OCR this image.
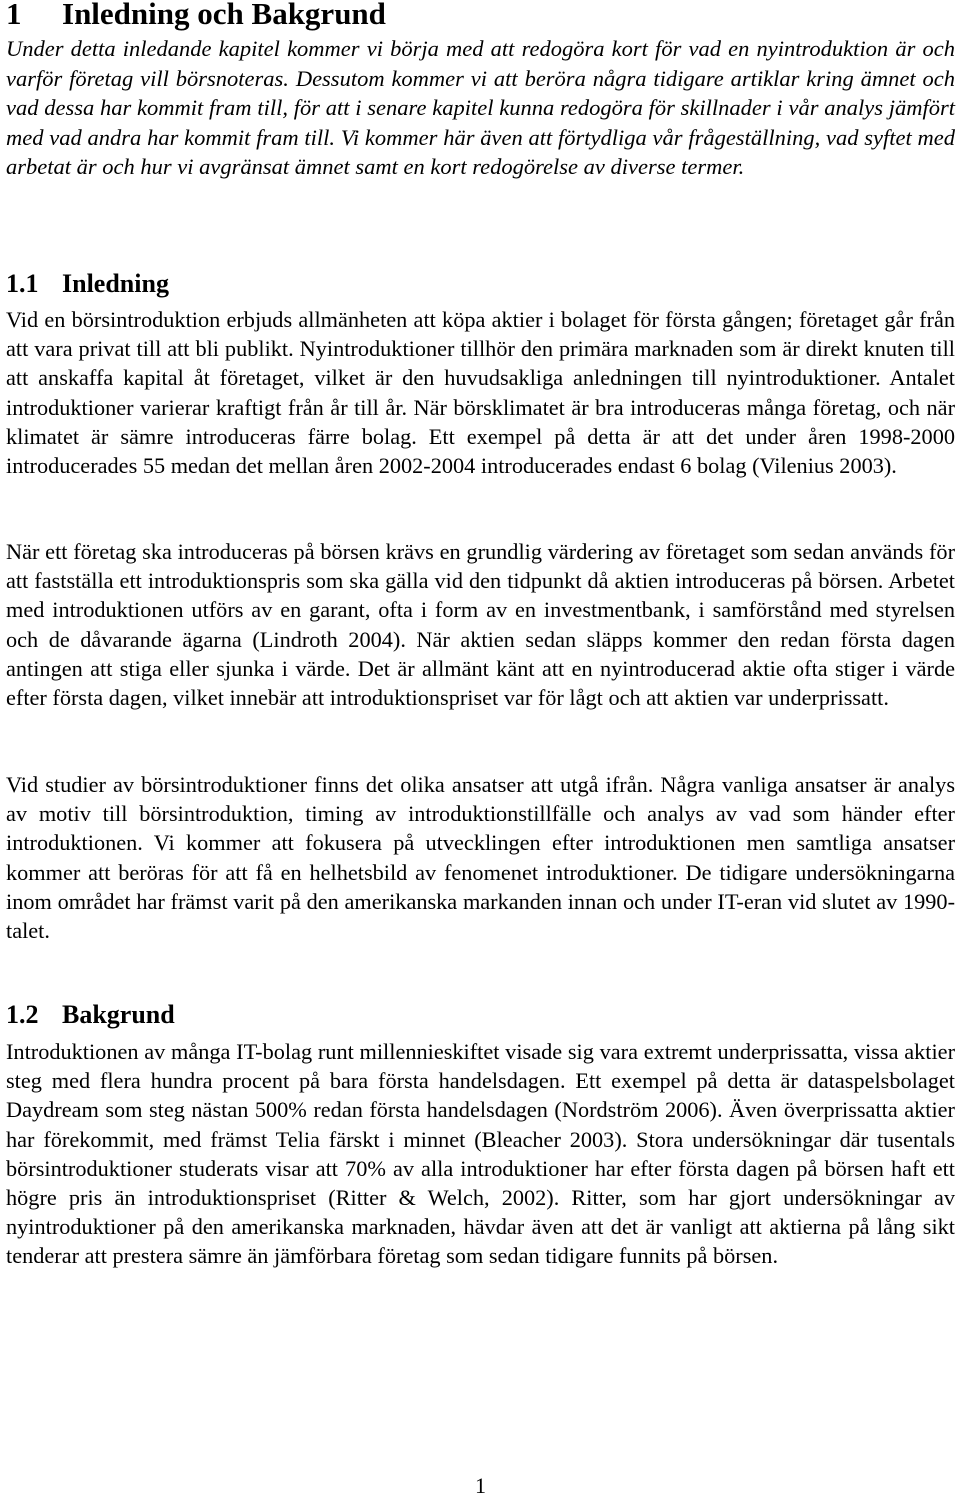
1 Inledning och Bakgrund

Under detta inledande kapitel kommer vi börja med att redogöra kort för vad en nyintroduktion är och varför företag vill börsnoteras. Dessutom kommer vi att beröra några tidigare artiklar kring ämnet och vad dessa har kommit fram till, för att i senare kapitel kunna redogöra för skillnader i vår analys jämfört med vad andra har kommit fram till. Vi kommer här även att förtydliga vår frågeställning, vad syftet med arbetat är och hur vi avgränsat ämnet samt en kort redogörelse av diverse termer.

1.1 Inledning

Vid en börsintroduktion erbjuds allmänheten att köpa aktier i bolaget för första gången; företaget går från att vara privat till att bli publikt. Nyintroduktioner tillhör den primära marknaden som är direkt knuten till att anskaffa kapital åt företaget, vilket är den huvudsakliga anledningen till nyintroduktioner. Antalet introduktioner varierar kraftigt från år till år. När börsklimatet är bra introduceras många företag, och när klimatet är sämre introduceras färre bolag. Ett exempel på detta är att det under åren 1998-2000 introducerades 55 medan det mellan åren 2002-2004 introducerades endast 6 bolag (Vilenius 2003).

När ett företag ska introduceras på börsen krävs en grundlig värdering av företaget som sedan används för att fastställa ett introduktionspris som ska gälla vid den tidpunkt då aktien introduceras på börsen. Arbetet med introduktionen utförs av en garant, ofta i form av en investmentbank, i samförstånd med styrelsen och de dåvarande ägarna (Lindroth 2004). När aktien sedan släpps kommer den redan första dagen antingen att stiga eller sjunka i värde. Det är allmänt känt att en nyintroducerad aktie ofta stiger i värde efter första dagen, vilket innebär att introduktionspriset var för lågt och att aktien var underprissatt.

Vid studier av börsintroduktioner finns det olika ansatser att utgå ifrån. Några vanliga ansatser är analys av motiv till börsintroduktion, timing av introduktionstillfälle och analys av vad som händer efter introduktionen. Vi kommer att fokusera på utvecklingen efter introduktionen men samtliga ansatser kommer att beröras för att få en helhetsbild av fenomenet introduktioner. De tidigare undersökningarna inom området har främst varit på den amerikanska markanden innan och under IT-eran vid slutet av 1990-talet.

1.2 Bakgrund

Introduktionen av många IT-bolag runt millennieskiftet visade sig vara extremt underprissatta, vissa aktier steg med flera hundra procent på bara första handelsdagen. Ett exempel på detta är dataspelsbolaget Daydream som steg nästan 500% redan första handelsdagen (Nordström 2006). Även överprissatta aktier har förekommit, med främst Telia färskt i minnet (Bleacher 2003). Stora undersökningar där tusentals börsintroduktioner studerats visar att 70% av alla introduktioner har efter första dagen på börsen haft ett högre pris än introduktionspriset (Ritter & Welch, 2002). Ritter, som har gjort undersökningar av nyintroduktioner på den amerikanska marknaden, hävdar även att det är vanligt att aktierna på lång sikt tenderar att prestera sämre än jämförbara företag som sedan tidigare funnits på börsen.

1
